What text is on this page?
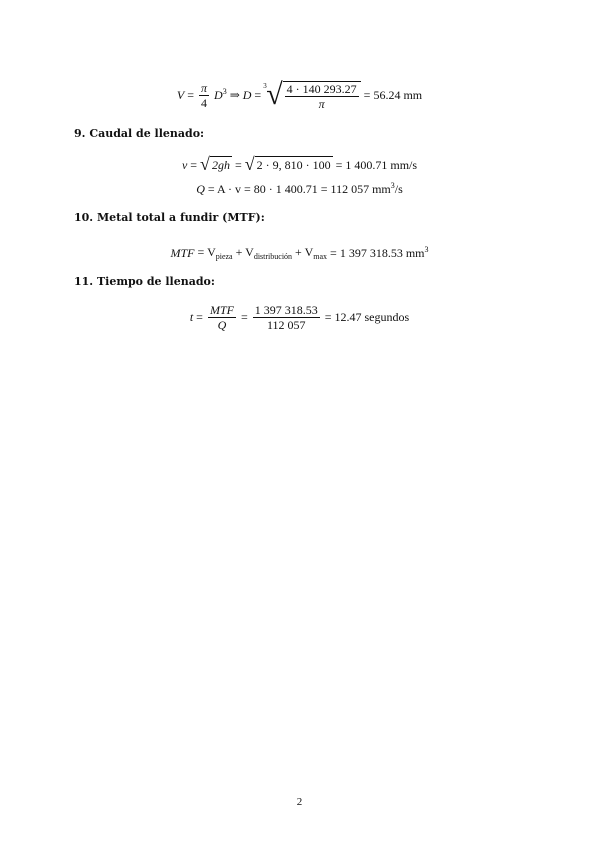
$V = \frac{\pi}{4} D^3$ ⇒ D =
3 √ $\frac{4 \cdot 140 293.27}{\pi} = 56.24$ mm
9. Caudal de llenado:
v = √ 2gh = √ 2 · 9, 810 · 100 = 1 400.71 mm/s
Q = A · v = 80 · 1 400.71 = 112 057 $mm^3/s$
10. Metal total a fundir (MTF):
MTF = $V_{pieza} + V_{distribución} + V_{max} = 1$ 397 318.53 $mm^3$
11. Tiempo de llenado:
$t = \frac{\text{MTF}}{Q} = \frac{1 397 318.53}{112 057} = 12.47$ segundos
2
